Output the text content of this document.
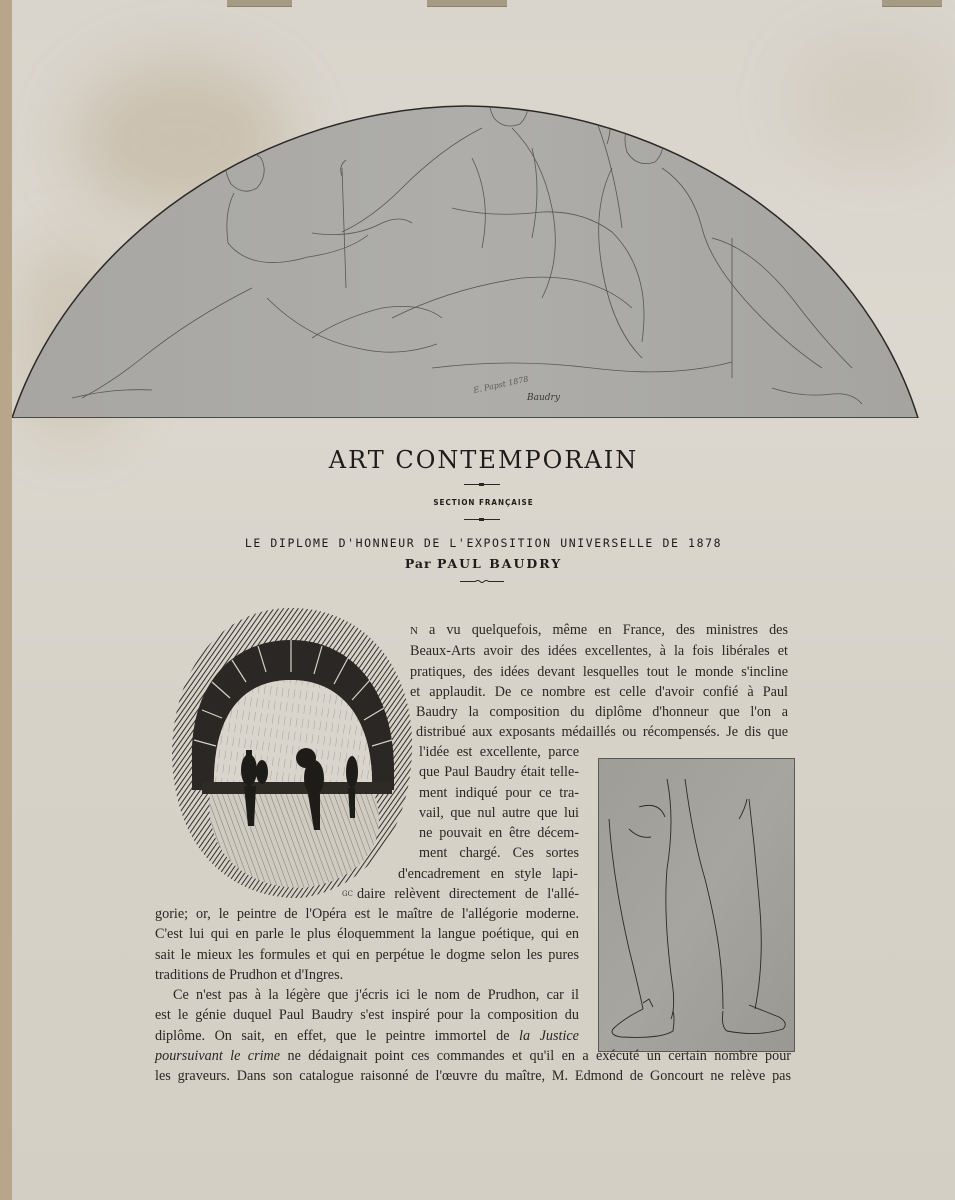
E. Papst 1878
Baudry
ART CONTEMPORAIN
SECTION FRANÇAISE
LE DIPLOME D'HONNEUR DE L'EXPOSITION UNIVERSELLE DE 1878
Par PAUL BAUDRY
GC
N a vu quelquefois, même en France, des ministres des
Beaux-Arts avoir des idées excellentes, à la fois libérales et
pratiques, des idées devant lesquelles tout le monde s'incline
et applaudit. De ce nombre est celle d'avoir confié à Paul
Baudry la composition du diplôme d'honneur que l'on a
distribué aux exposants médaillés ou récompensés. Je dis que
l'idée est excellente, parce
que Paul Baudry était telle-
ment indiqué pour ce tra-
vail, que nul autre que lui
ne pouvait en être décem-
ment chargé. Ces sortes
d'encadrement en style lapi-
daire relèvent directement de l'allé-
gorie; or, le peintre de l'Opéra est le maître de l'allégorie moderne.
C'est lui qui en parle le plus éloquemment la langue poétique, qui en
sait le mieux les formules et qui en perpétue le dogme selon les pures
traditions de Prudhon et d'Ingres.
Ce n'est pas à la légère que j'écris ici le nom de Prudhon, car il
est le génie duquel Paul Baudry s'est inspiré pour la composition du
diplôme. On sait, en effet, que le peintre immortel de la Justice
poursuivant le crime ne dédaignait point ces commandes et qu'il en a exécuté un certain nombre pour
les graveurs. Dans son catalogue raisonné de l'œuvre du maître, M. Edmond de Goncourt ne relève pas
